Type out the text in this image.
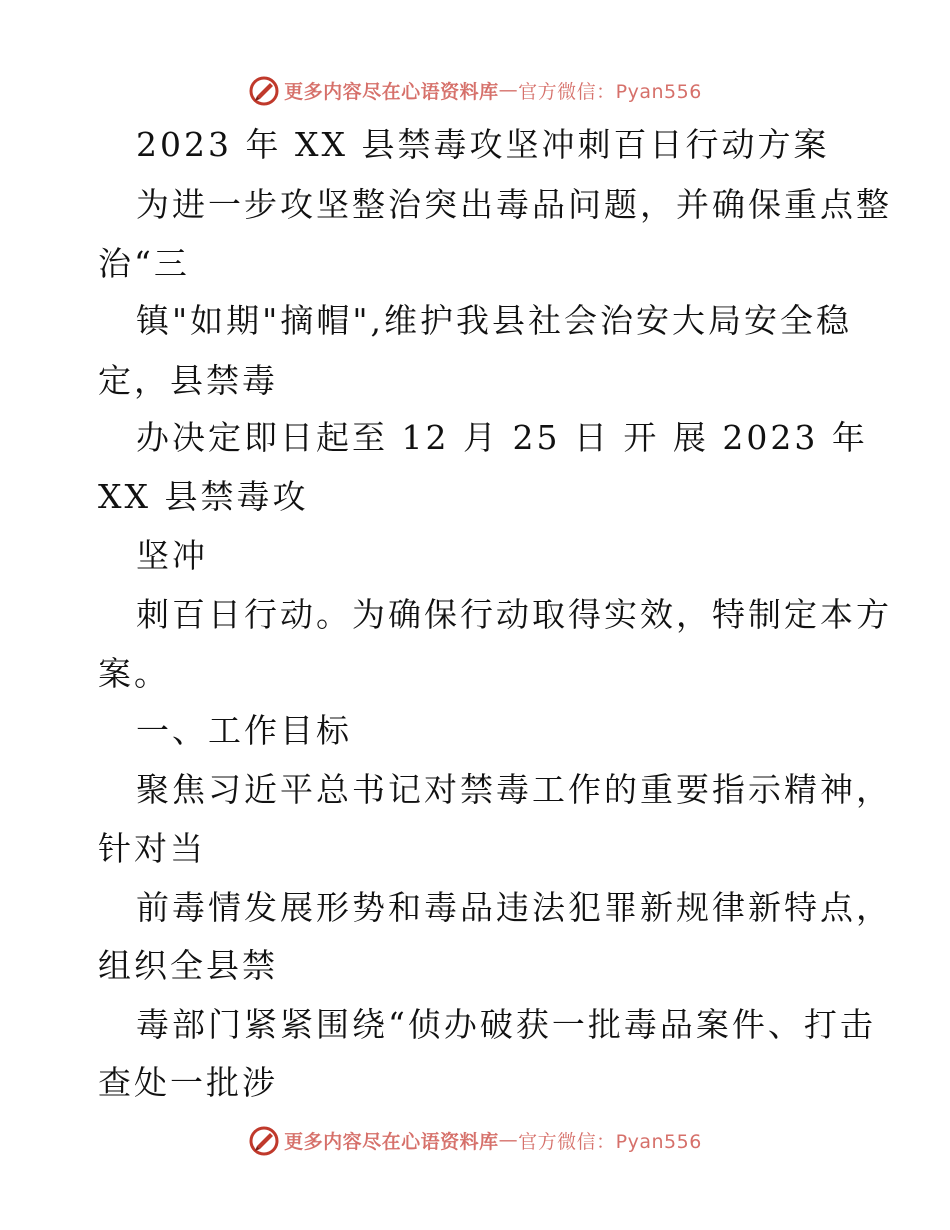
更多内容尽在心语资料库 — 官方微信：Pyan556
2023 年 XX 县禁毒攻坚冲刺百日行动方案
为进一步攻坚整治突出毒品问题，并确保重点整
治“三
镇"如期"摘帽",维护我县社会治安大局安全稳
定，县禁毒
办决定即日起至 12 月 25 日 开 展 2023 年
XX 县禁毒攻
坚冲
刺百日行动。为确保行动取得实效，特制定本方
案。
一、工作目标
聚焦习近平总书记对禁毒工作的重要指示精神，
针对当
前毒情发展形势和毒品违法犯罪新规律新特点，
组织全县禁
毒部门紧紧围绕“侦办破获一批毒品案件、打击
查处一批涉
更多内容尽在心语资料库 — 官方微信：Pyan556
